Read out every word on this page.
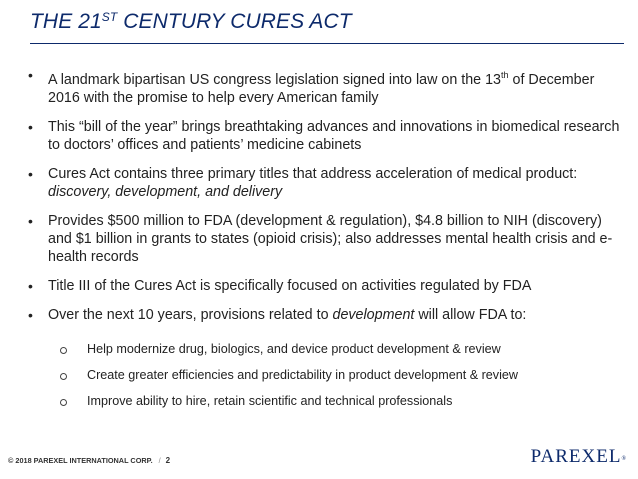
THE 21ST CENTURY CURES ACT
•	A landmark bipartisan US congress legislation signed into law on the 13th of December 2016 with the promise to help every American family
•	This “bill of the year” brings breathtaking advances and innovations in biomedical research to doctors’ offices and patients’ medicine cabinets
•	Cures Act contains three primary titles that address acceleration of medical product: discovery, development, and delivery
•	Provides $500 million to FDA (development & regulation), $4.8 billion to NIH (discovery) and $1 billion in grants to states (opioid crisis); also addresses mental health crisis and e-health records
•	Title III of the Cures Act is specifically focused on activities regulated by FDA
•	Over the next 10 years, provisions related to development will allow FDA to:
Help modernize drug, biologics, and device product development & review
Create greater efficiencies and predictability in product development & review
Improve ability to hire, retain scientific and technical professionals
© 2018 PAREXEL INTERNATIONAL CORP. / 2	PAREXEL®
